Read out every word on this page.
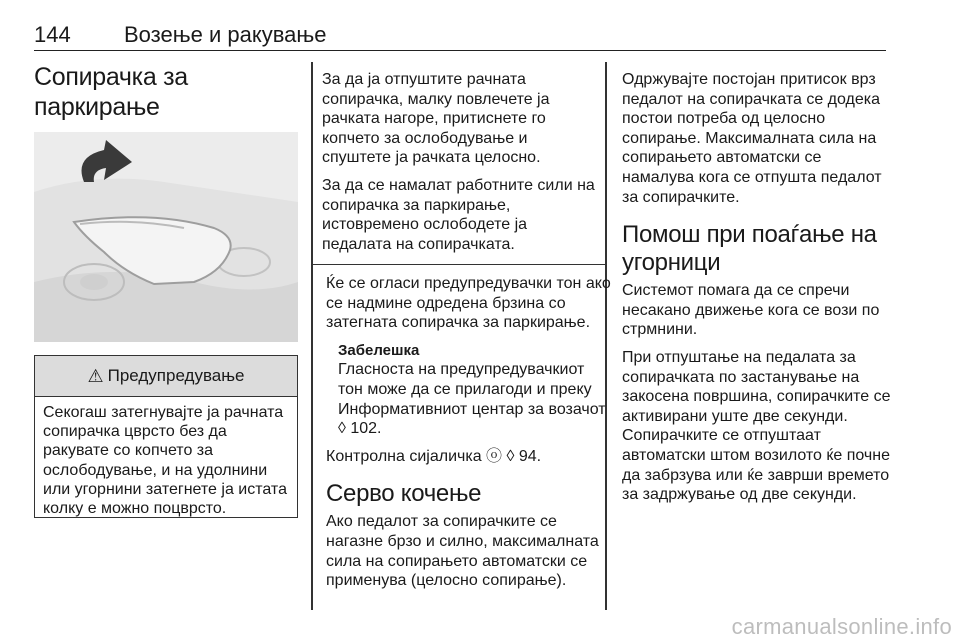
144 Возење и ракување
Сопирачка за паркирање
⚠ Предупредување
Секогаш затегнувајте ја рачната сопирачка цврсто без да ракувате со копчето за ослободување, и на удолнини или угорнини затегнете ја истата колку е можно поцврсто.

За да ја отпуштите рачната сопирачка, малку повлечете ја рачката нагоре, притиснете го копчето за ослободување и спуштете ја рачката целосно.

За да се намалат работните сили на сопирачка за паркирање, истовремено ослободете ја педалата на сопирачката.

Ќе се огласи предупредувачки тон ако се надмине одредена брзина со затегната сопирачка за паркирање.

Забелешка
Гласноста на предупредувачкиот тон може да се прилагоди и преку Информативниот центар за возачот ◊ 102.

Контролна сијаличка ⓞ ◊ 94.

Серво кочење

Ако педалот за сопирачките се нагазне брзо и силно, максималната сила на сопирањето автоматски се применува (целосно сопирање).

Одржувајте постојан притисок врз педалот на сопирачката се додека постои потреба од целосно сопирање. Максималната сила на сопирањето автоматски се намалува кога се отпушта педалот за сопирачките.

Помош при поаѓање на угорници

Системот помага да се спречи несакано движење кога се вози по стрмнини.

При отпуштање на педалата за сопирачката по застанување на закосена површина, сопирачките се активирани уште две секунди. Сопирачките се отпуштаат автоматски штом возилото ќе почне да забрзува или ќе заврши времето за задржување од две секунди.

carmanualsonline.info
